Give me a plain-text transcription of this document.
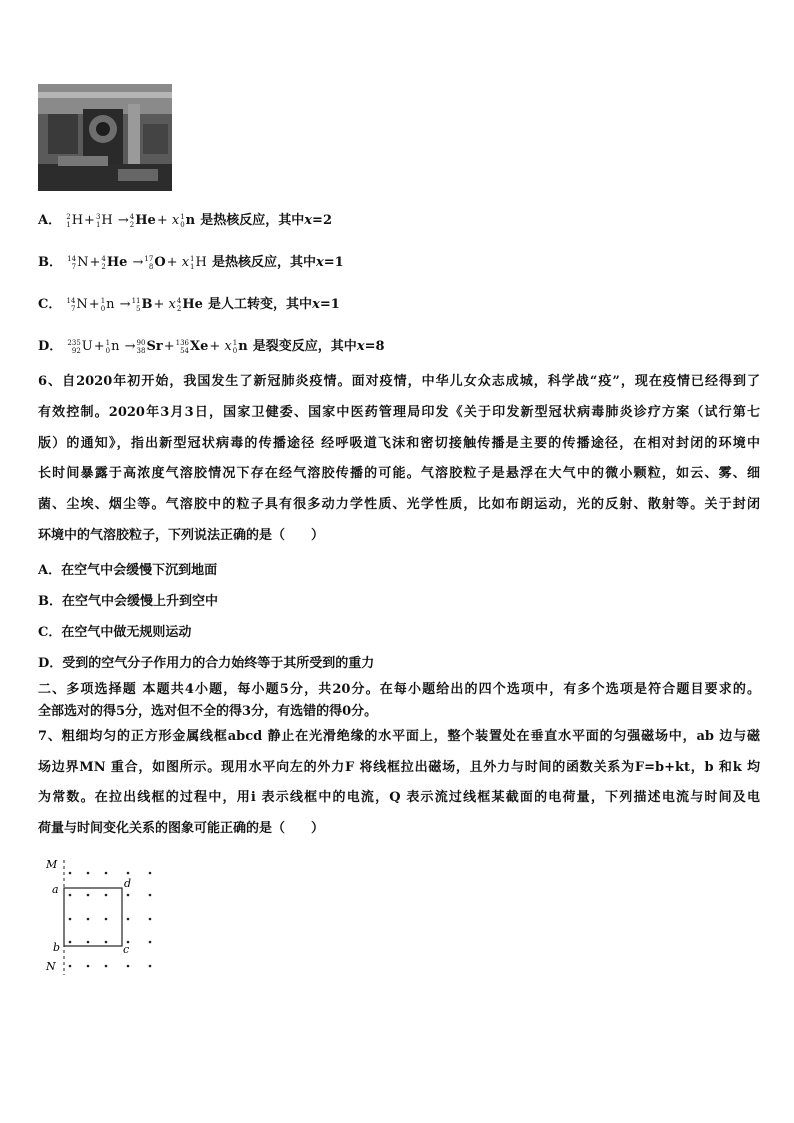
A． 2
1 H+ 3
1 H → 4
2 He+ x 1
0 n 是热核反应，其中x=2
B． 14
7 N+ 4
2 He → 17
8 O+ x 1
1 H 是热核反应，其中x=1
C． 14
7 N+ 1
0 n → 11
5 B+ x 4
2 He 是人工转变，其中x=1
D． 235
92 U+ 1
0 n → 90
38 Sr+ 136
54 Xe+ x 1
0 n 是裂变反应，其中x=8
6、自2020年初开始，我国发生了新冠肺炎疫情。面对疫情，中华儿女众志成城，科学战“疫”，现在疫情已经得到了
有效控制。2020年3月3日，国家卫健委、国家中医药管理局印发《关于印发新型冠状病毒肺炎诊疗方案（试行第七
版）的通知》，指出新型冠状病毒的传播途径 经呼吸道飞沫和密切接触传播是主要的传播途径，在相对封闭的环境中
长时间暴露于高浓度气溶胶情况下存在经气溶胶传播的可能。气溶胶粒子是悬浮在大气中的微小颗粒，如云、雾、细
菌、尘埃、烟尘等。气溶胶中的粒子具有很多动力学性质、光学性质，比如布朗运动，光的反射、散射等。关于封闭
环境中的气溶胶粒子，下列说法正确的是（　　）
A．在空气中会缓慢下沉到地面
B．在空气中会缓慢上升到空中
C．在空气中做无规则运动
D．受到的空气分子作用力的合力始终等于其所受到的重力
二、多项选择题 本题共4小题，每小题5分，共20分。在每小题给出的四个选项中，有多个选项是符合题目要求的。
全部选对的得5分，选对但不全的得3分，有选错的得0分。
7、粗细均匀的正方形金属线框abcd 静止在光滑绝缘的水平面上，整个装置处在垂直水平面的匀强磁场中，ab 边与磁
场边界MN 重合，如图所示。现用水平向左的外力F 将线框拉出磁场，且外力与时间的函数关系为F=b+kt，b 和k 均
为常数。在拉出线框的过程中，用i 表示线框中的电流，Q 表示流过线框某截面的电荷量，下列描述电流与时间及电
荷量与时间变化关系的图象可能正确的是（　　）
M
a	d
b	c
N
